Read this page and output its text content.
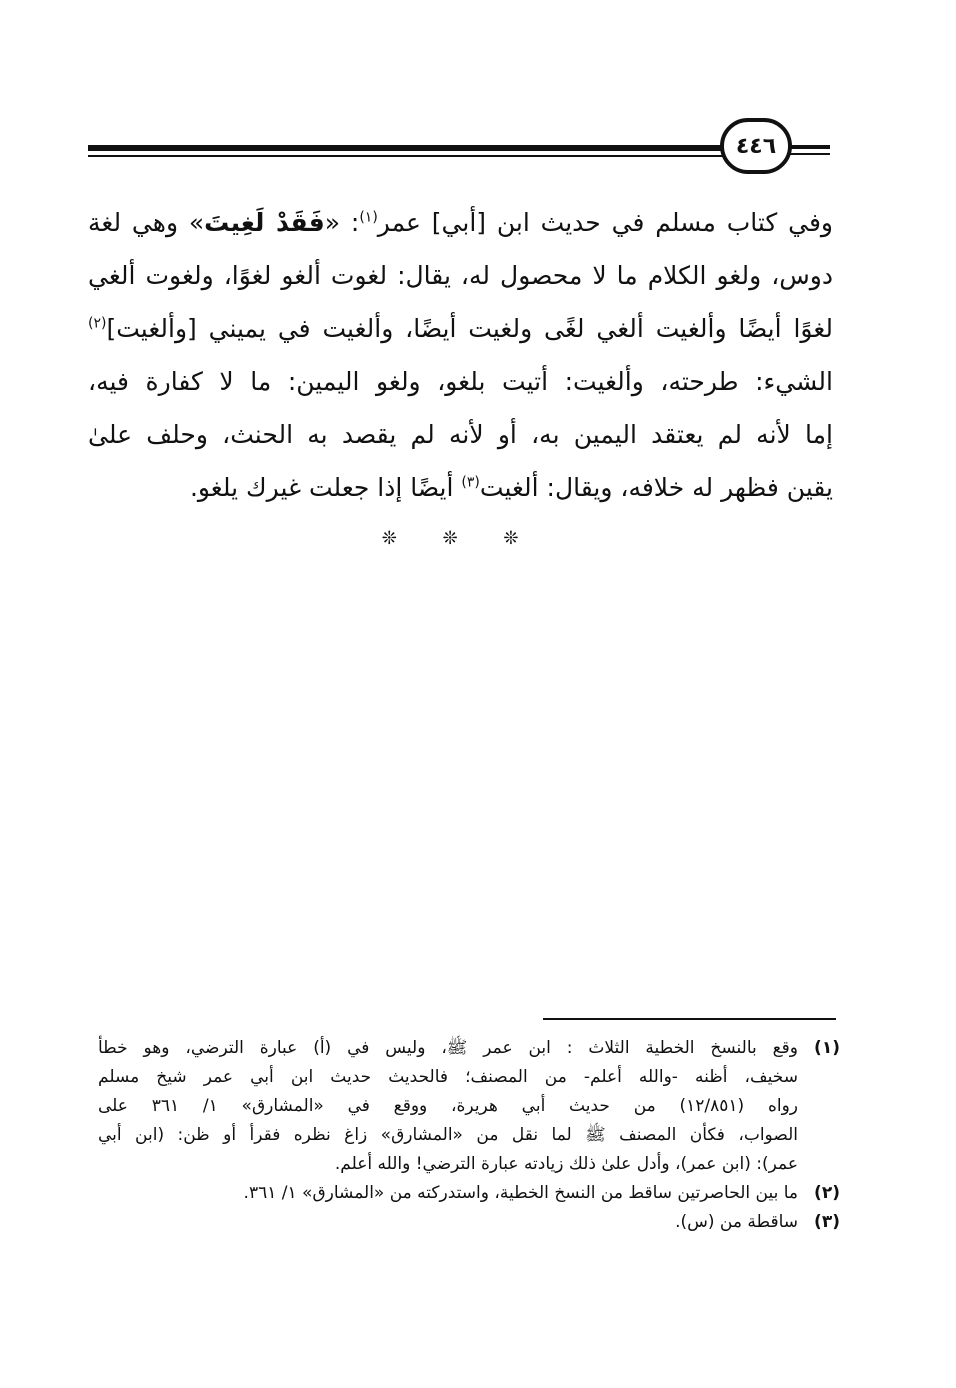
٤٤٦
وفي كتاب مسلم في حديث ابن [أبي] عمر$^{(١)}$: «فَقَدْ لَغِيتَ» وهي لغة
دوس، ولغو الكلام ما لا محصول له، يقال: لغوت ألغو لغوًا، ولغوت ألغي
لغوًا أيضًا وألغيت ألغي لغًى ولغيت أيضًا، وألغيت في يميني [وألغيت]$^{(٢)}$
الشيء: طرحته، وألغيت: أتيت بلغو، ولغو اليمين: ما لا كفارة فيه،
إما لأنه لم يعتقد اليمين به، أو لأنه لم يقصد به الحنث، وحلف علىٰ
يقين فظهر له خلافه، ويقال: ألغيت$^{(٣)}$ أيضًا إذا جعلت غيرك يلغو.
❊ ❊ ❊
(١)
وقع بالنسخ الخطية الثلاث : ابن عمر ﷺ، وليس في (أ) عبارة الترضي، وهو خطأ
سخيف، أظنه -والله أعلم- من المصنف؛ فالحديث حديث ابن أبي عمر شيخ مسلم
رواه (١٢/٨٥١) من حديث أبي هريرة، ووقع في «المشارق» ١/ ٣٦١ على
الصواب، فكأن المصنف ﷺ لما نقل من «المشارق» زاغ نظره فقرأ أو ظن: (ابن أبي
عمر): (ابن عمر)، وأدل علىٰ ذلك زيادته عبارة الترضي! والله أعلم.
(٢)
ما بين الحاصرتين ساقط من النسخ الخطية، واستدركته من «المشارق» ١/ ٣٦١.
(٣)
ساقطة من (س).
